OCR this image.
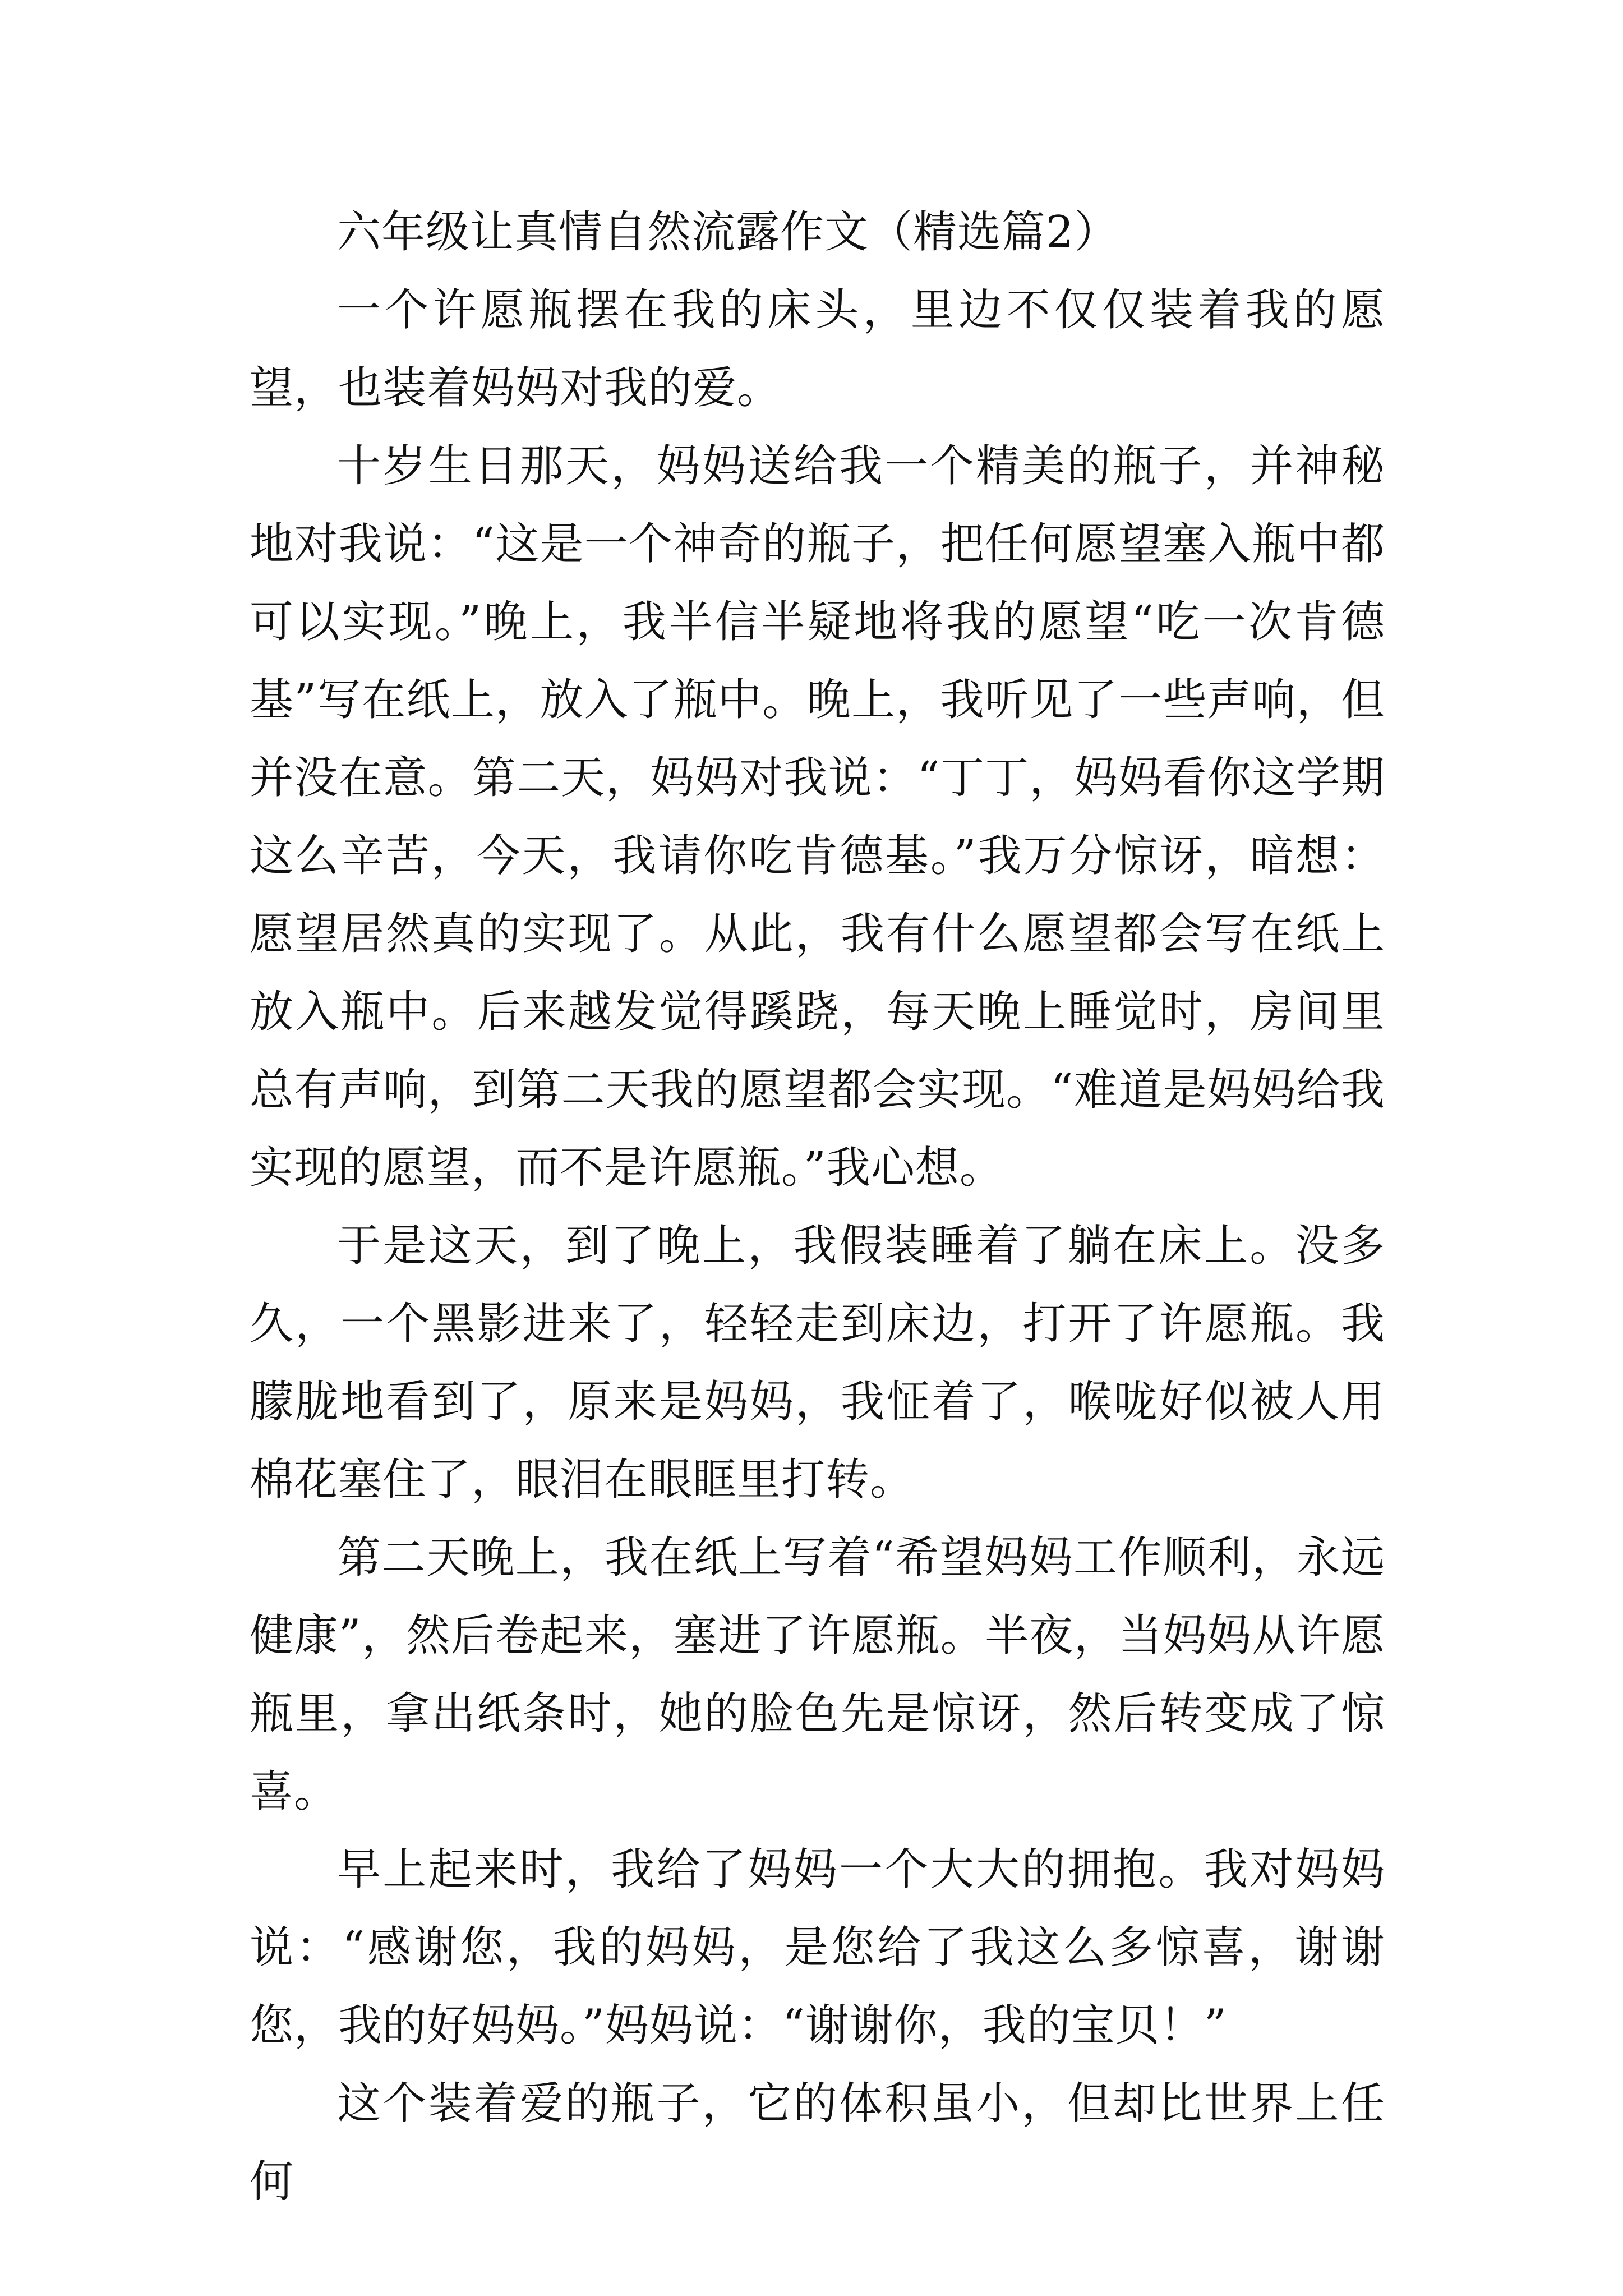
六年级让真情自然流露作文（精选篇2）

一个许愿瓶摆在我的床头，里边不仅仅装着我的愿望，也装着妈妈对我的爱。

十岁生日那天，妈妈送给我一个精美的瓶子，并神秘地对我说：“这是一个神奇的瓶子，把任何愿望塞入瓶中都可以实现。”晚上，我半信半疑地将我的愿望“吃一次肯德基”写在纸上，放入了瓶中。晚上，我听见了一些声响，但并没在意。第二天，妈妈对我说：“丁丁，妈妈看你这学期这么辛苦，今天，我请你吃肯德基。”我万分惊讶，暗想：愿望居然真的实现了。从此，我有什么愿望都会写在纸上放入瓶中。后来越发觉得蹊跷，每天晚上睡觉时，房间里总有声响，到第二天我的愿望都会实现。“难道是妈妈给我实现的愿望，而不是许愿瓶。”我心想。

于是这天，到了晚上，我假装睡着了躺在床上。没多久，一个黑影进来了，轻轻走到床边，打开了许愿瓶。我朦胧地看到了，原来是妈妈，我怔着了，喉咙好似被人用棉花塞住了，眼泪在眼眶里打转。

第二天晚上，我在纸上写着“希望妈妈工作顺利，永远健康”，然后卷起来，塞进了许愿瓶。半夜，当妈妈从许愿瓶里，拿出纸条时，她的脸色先是惊讶，然后转变成了惊喜。

早上起来时，我给了妈妈一个大大的拥抱。我对妈妈说：“感谢您，我的妈妈，是您给了我这么多惊喜，谢谢您，我的好妈妈。”妈妈说：“谢谢你，我的宝贝！”

这个装着爱的瓶子，它的体积虽小，但却比世界上任何
